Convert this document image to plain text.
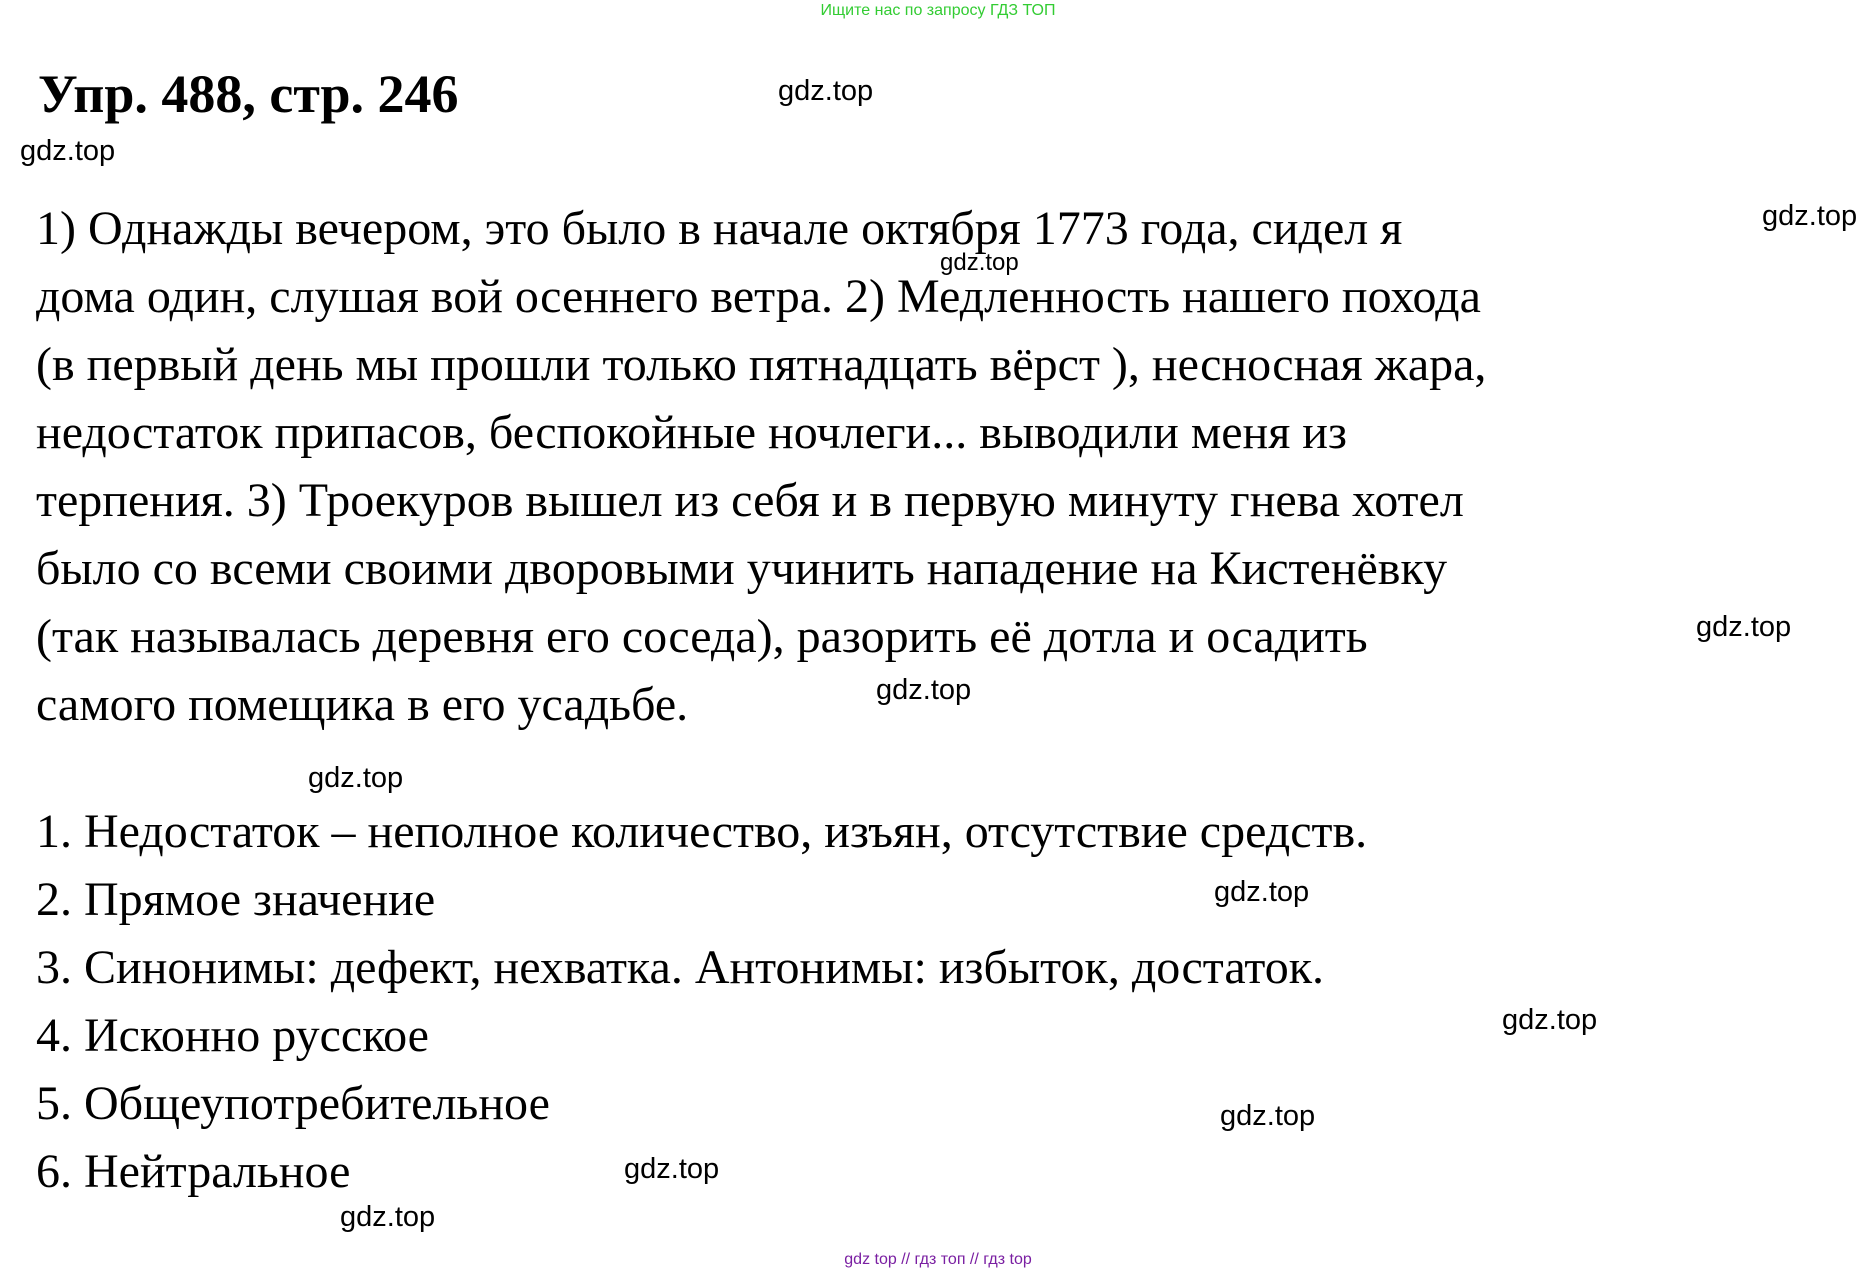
Ищите нас по запросу ГДЗ ТОП
Упр. 488, стр. 246
1) Однажды вечером, это было в начале октября 1773 года, сидел я
дома один, слушая вой осеннего ветра. 2) Медленность нашего похода
(в первый день мы прошли только пятнадцать вёрст ), несносная жара,
недостаток припасов, беспокойные ночлеги... выводили меня из
терпения. 3) Троекуров вышел из себя и в первую минуту гнева хотел
было со всеми своими дворовыми учинить нападение на Кистенёвку
(так называлась деревня его соседа), разорить её дотла и осадить
самого помещика в его усадьбе.
1. Недостаток – неполное количество, изъян, отсутствие средств.
2. Прямое значение
3. Синонимы: дефект, нехватка. Антонимы: избыток, достаток.
4. Исконно русское
5. Общеупотребительное
6. Нейтральное
gdz.top
gdz.top
gdz.top
gdz.top
gdz.top
gdz.top
gdz.top
gdz.top
gdz.top
gdz.top
gdz.top
gdz.top
gdz top // гдз топ // гдз top
